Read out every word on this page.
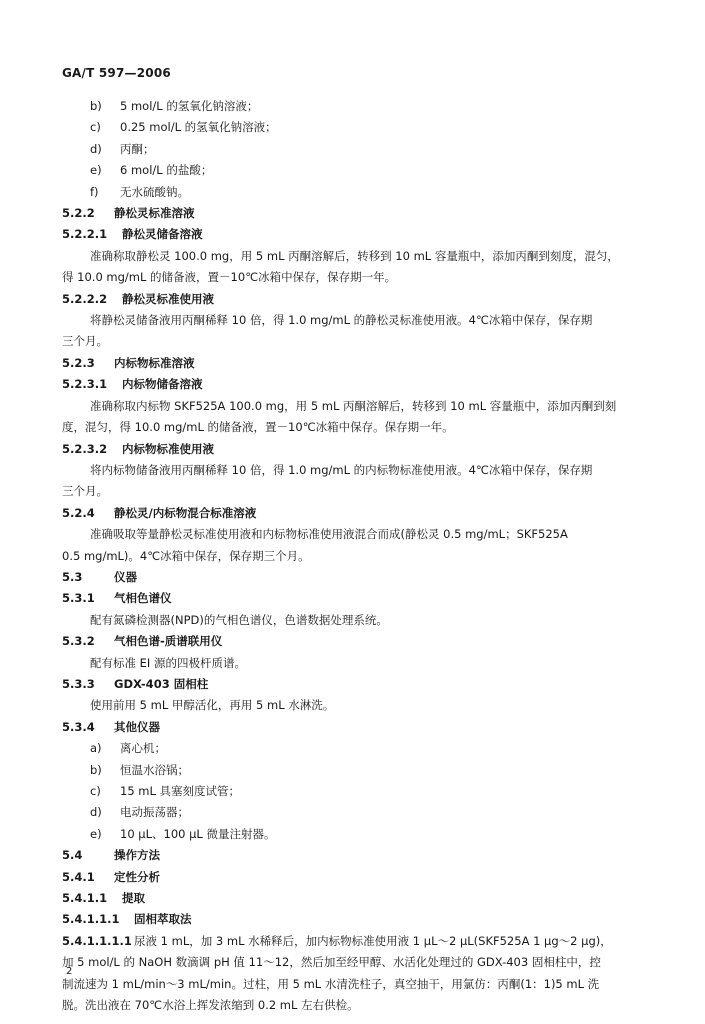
GA/T 597—2006
b) 5 mol/L 的氢氧化钠溶液；
c) 0.25 mol/L 的氢氧化钠溶液；
d) 丙酮；
e) 6 mol/L 的盐酸；
f) 无水硫酸钠。
5.2.2 静松灵标准溶液
5.2.2.1 静松灵储备溶液
准确称取静松灵 100.0 mg，用 5 mL 丙酮溶解后，转移到 10 mL 容量瓶中，添加丙酮到刻度，混匀，
得 10.0 mg/mL 的储备液，置－10℃冰箱中保存，保存期一年。
5.2.2.2 静松灵标准使用液
将静松灵储备液用丙酮稀释 10 倍，得 1.0 mg/mL 的静松灵标准使用液。4℃冰箱中保存，保存期
三个月。
5.2.3 内标物标准溶液
5.2.3.1 内标物储备溶液
准确称取内标物 SKF525A 100.0 mg，用 5 mL 丙酮溶解后，转移到 10 mL 容量瓶中，添加丙酮到刻
度，混匀，得 10.0 mg/mL 的储备液，置－10℃冰箱中保存。保存期一年。
5.2.3.2 内标物标准使用液
将内标物储备液用丙酮稀释 10 倍，得 1.0 mg/mL 的内标物标准使用液。4℃冰箱中保存，保存期
三个月。
5.2.4 静松灵/内标物混合标准溶液
准确吸取等量静松灵标准使用液和内标物标准使用液混合而成(静松灵 0.5 mg/mL；SKF525A
0.5 mg/mL)。4℃冰箱中保存，保存期三个月。
5.3	仪器
5.3.1 气相色谱仪
配有氮磷检测器(NPD)的气相色谱仪，色谱数据处理系统。
5.3.2 气相色谱-质谱联用仪
配有标准 EI 源的四极杆质谱。
5.3.3 GDX-403 固相柱
使用前用 5 mL 甲醇活化，再用 5 mL 水淋洗。
5.3.4 其他仪器
a) 离心机；
b) 恒温水浴锅；
c) 15 mL 具塞刻度试管；
d) 电动振荡器；
e) 10 μL、100 μL 微量注射器。
5.4	操作方法
5.4.1 定性分析
5.4.1.1 提取
5.4.1.1.1 固相萃取法
5.4.1.1.1.1 尿液 1 mL，加 3 mL 水稀释后，加内标物标准使用液 1 μL～2 μL(SKF525A 1 μg～2 μg)，
加 5 mol/L 的 NaOH 数滴调 pH 值 11～12，然后加至经甲醇、水活化处理过的 GDX-403 固相柱中，控
制流速为 1 mL/min～3 mL/min。过柱，用 5 mL 水清洗柱子，真空抽干，用氯仿：丙酮(1：1)5 mL 洗
脱。洗出液在 70℃水浴上挥发浓缩到 0.2 mL 左右供检。
2
